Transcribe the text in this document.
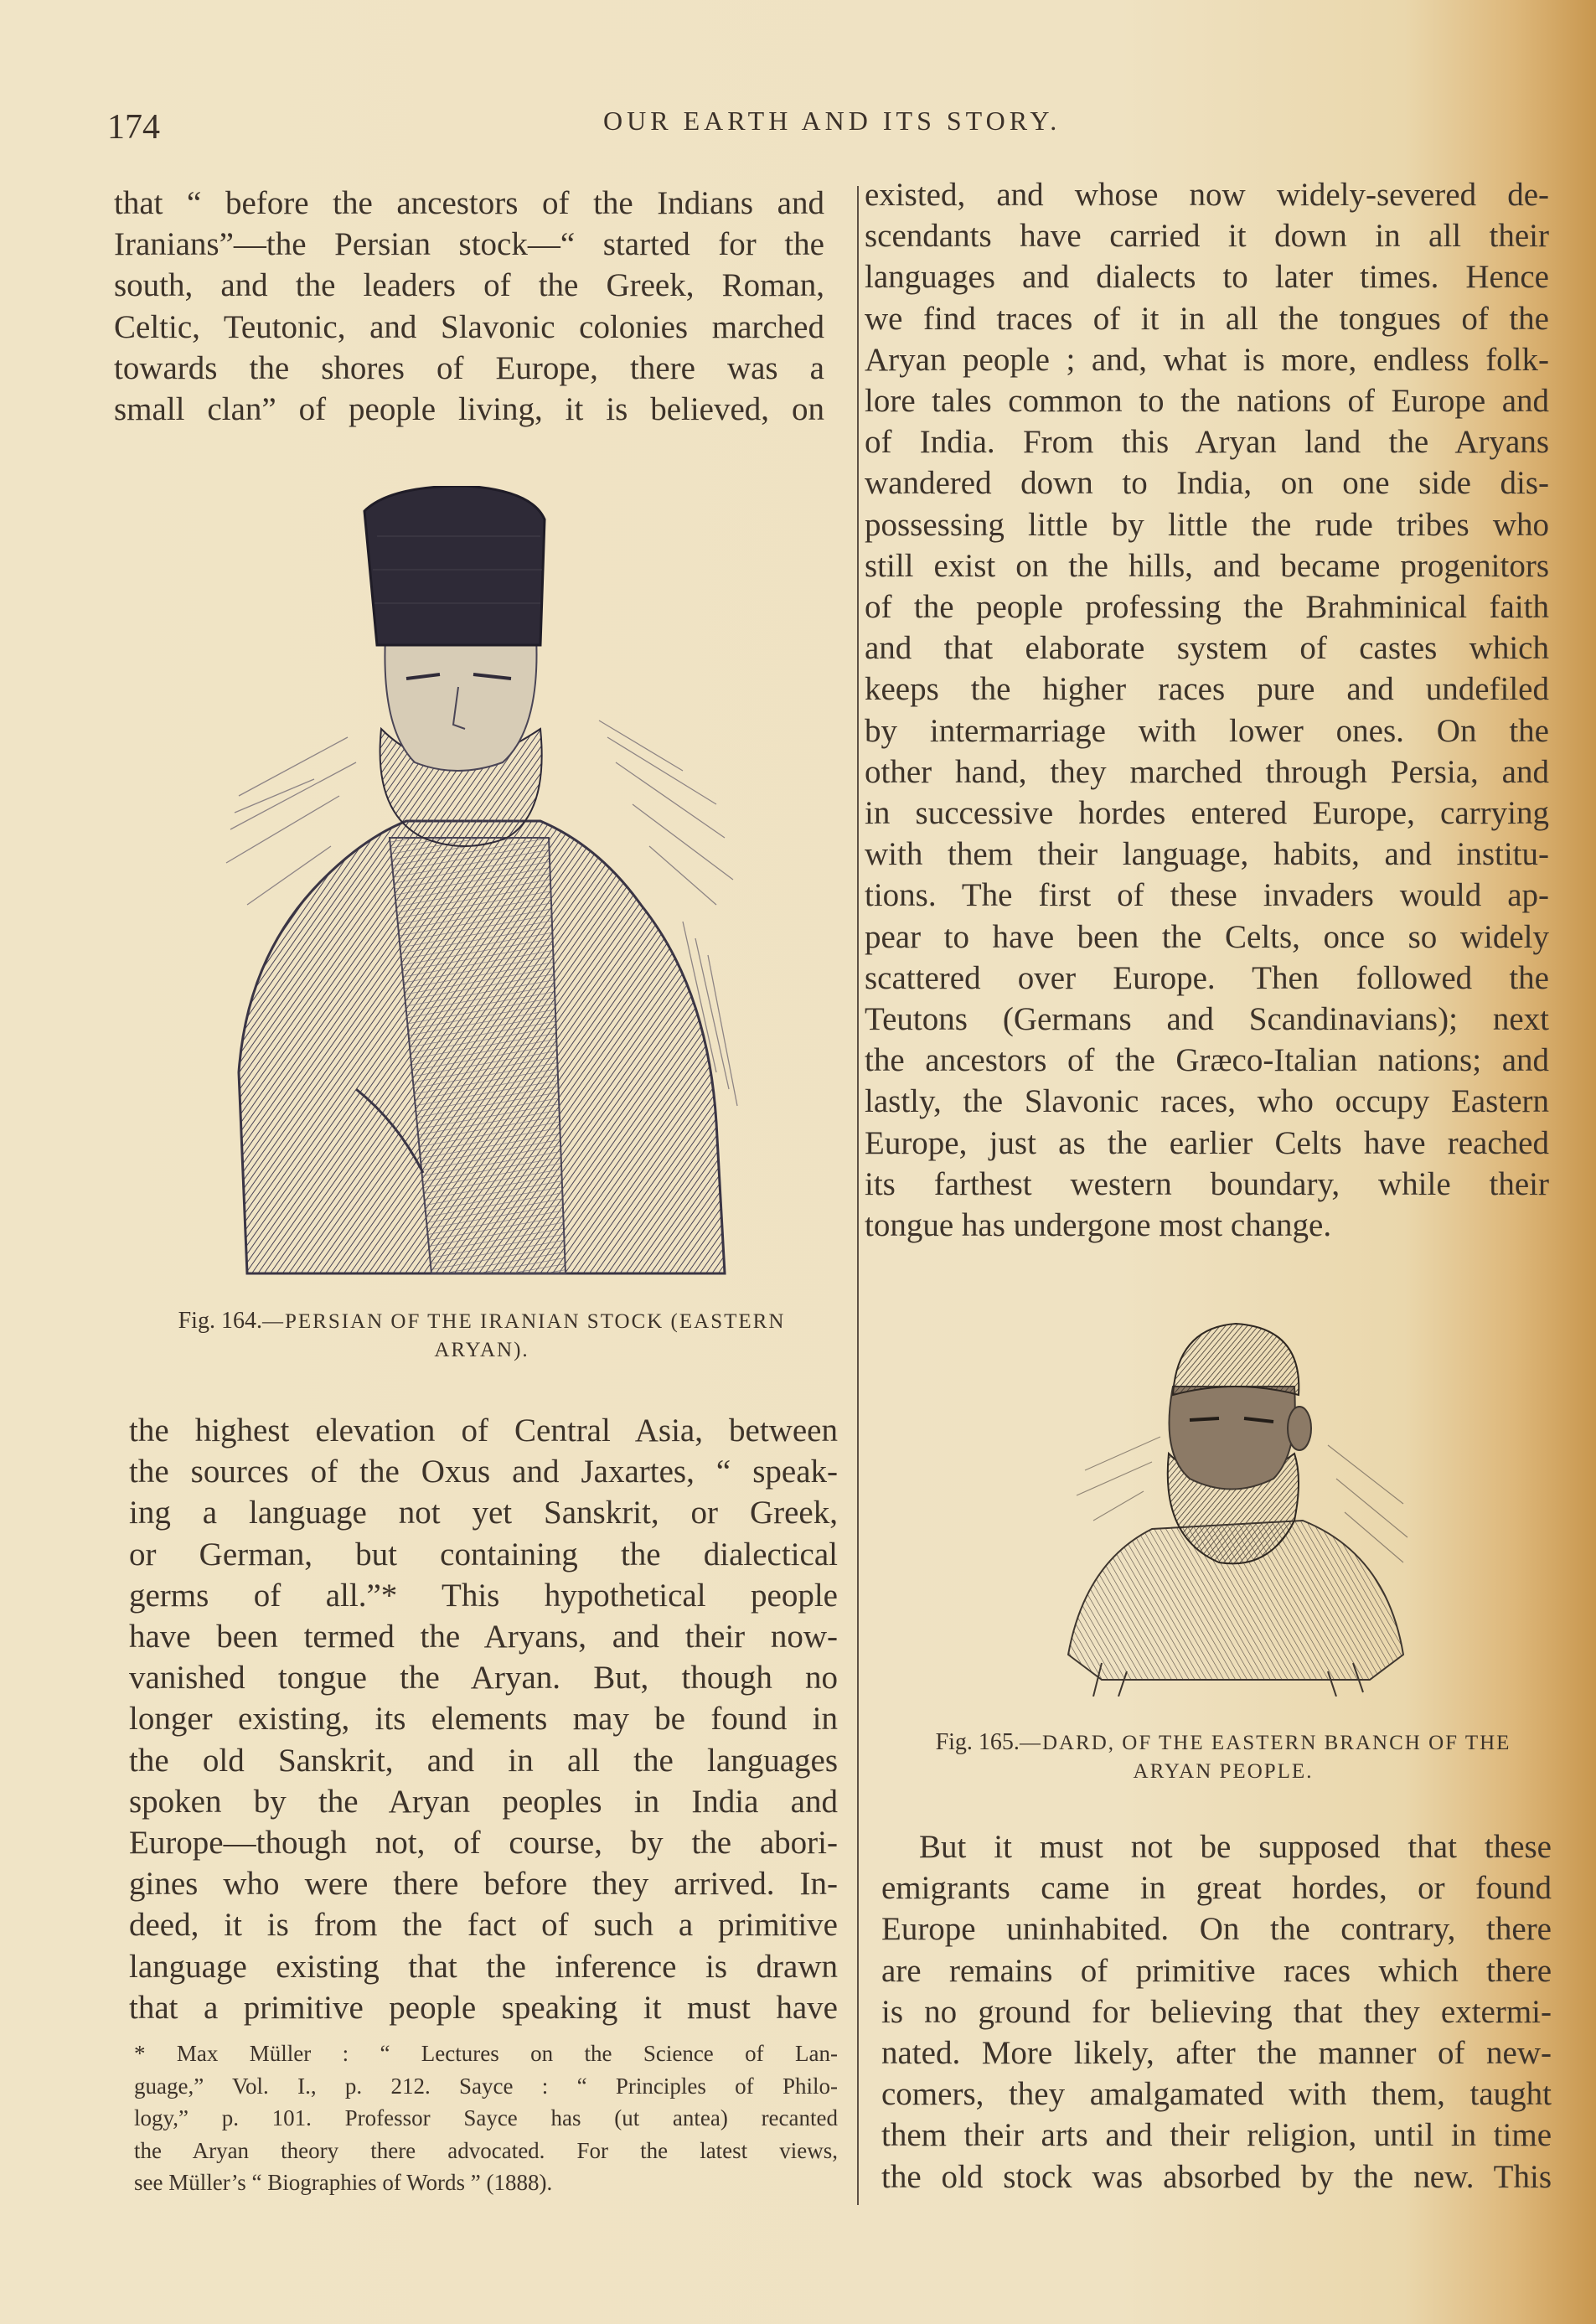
174	OUR EARTH AND ITS STORY.
that “ before the ancestors of the Indians and
Iranians”—the Persian stock—“ started for the
south, and the leaders of the Greek, Roman,
Celtic, Teutonic, and Slavonic colonies marched
towards the shores of Europe, there was a
small clan” of people living, it is believed, on
Fig. 164.—PERSIAN OF THE IRANIAN STOCK (EASTERN
ARYAN).
the highest elevation of Central Asia, between
the sources of the Oxus and Jaxartes, “ speak-
ing a language not yet Sanskrit, or Greek,
or German, but containing the dialectical
germs of all.”* This hypothetical people
have been termed the Aryans, and their now-
vanished tongue the Aryan. But, though no
longer existing, its elements may be found in
the old Sanskrit, and in all the languages
spoken by the Aryan peoples in India and
Europe—though not, of course, by the abori-
gines who were there before they arrived. In-
deed, it is from the fact of such a primitive
language existing that the inference is drawn
that a primitive people speaking it must have
* Max Müller : “ Lectures on the Science of Lan-
guage,” Vol. I., p. 212. Sayce : “ Principles of Philo-
logy,” p. 101. Professor Sayce has (ut antea) recanted
the Aryan theory there advocated. For the latest views,
see Müller’s “ Biographies of Words ” (1888).
existed, and whose now widely-severed de-
scendants have carried it down in all their
languages and dialects to later times. Hence
we find traces of it in all the tongues of the
Aryan people ; and, what is more, endless folk-
lore tales common to the nations of Europe and
of India. From this Aryan land the Aryans
wandered down to India, on one side dis-
possessing little by little the rude tribes who
still exist on the hills, and became progenitors
of the people professing the Brahminical faith
and that elaborate system of castes which
keeps the higher races pure and undefiled
by intermarriage with lower ones. On the
other hand, they marched through Persia, and
in successive hordes entered Europe, carrying
with them their language, habits, and institu-
tions. The first of these invaders would ap-
pear to have been the Celts, once so widely
scattered over Europe. Then followed the
Teutons (Germans and Scandinavians); next
the ancestors of the Græco-Italian nations; and
lastly, the Slavonic races, who occupy Eastern
Europe, just as the earlier Celts have reached
its farthest western boundary, while their
tongue has undergone most change.
Fig. 165.—DARD, OF THE EASTERN BRANCH OF THE
ARYAN PEOPLE.
But it must not be supposed that these
emigrants came in great hordes, or found
Europe uninhabited. On the contrary, there
are remains of primitive races which there
is no ground for believing that they extermi-
nated. More likely, after the manner of new-
comers, they amalgamated with them, taught
them their arts and their religion, until in time
the old stock was absorbed by the new. This
